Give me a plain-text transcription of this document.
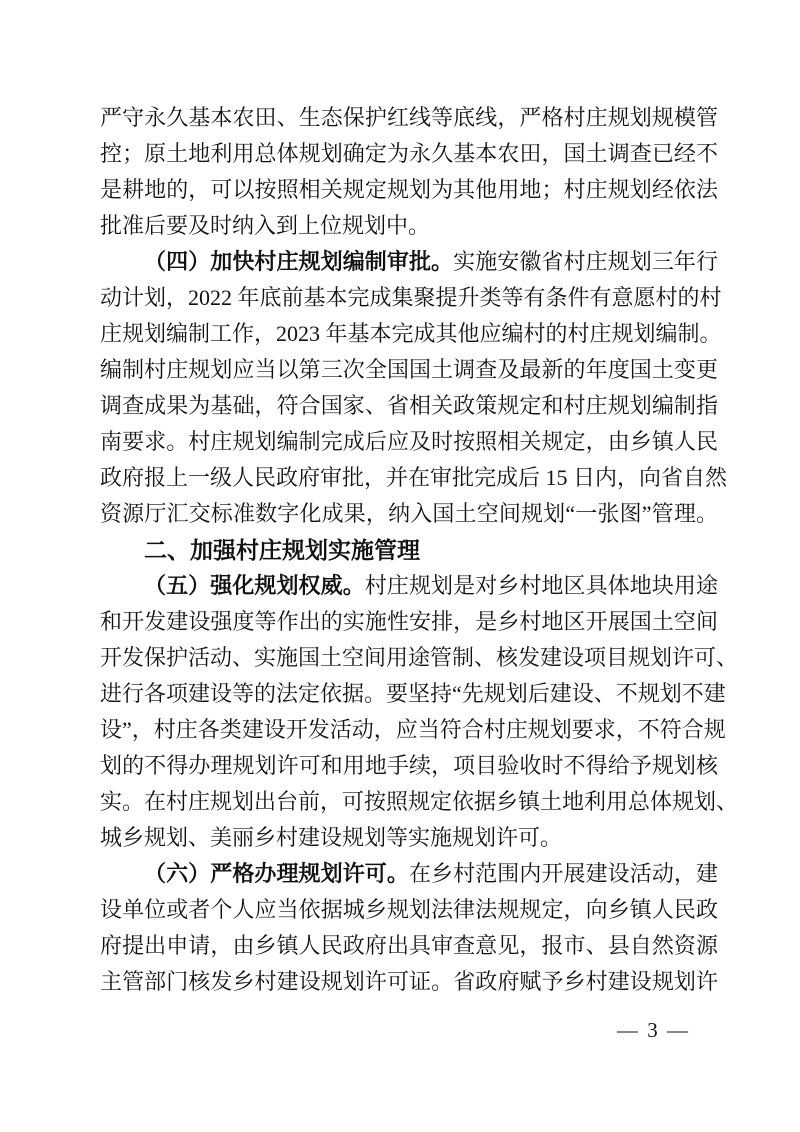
严守永久基本农田、生态保护红线等底线，严格村庄规划规模管
控；原土地利用总体规划确定为永久基本农田，国土调查已经不
是耕地的，可以按照相关规定规划为其他用地；村庄规划经依法
批准后要及时纳入到上位规划中。
（四）加快村庄规划编制审批。实施安徽省村庄规划三年行
动计划，2022 年底前基本完成集聚提升类等有条件有意愿村的村
庄规划编制工作，2023 年基本完成其他应编村的村庄规划编制。
编制村庄规划应当以第三次全国国土调查及最新的年度国土变更
调查成果为基础，符合国家、省相关政策规定和村庄规划编制指
南要求。村庄规划编制完成后应及时按照相关规定，由乡镇人民
政府报上一级人民政府审批，并在审批完成后 15 日内，向省自然
资源厅汇交标准数字化成果，纳入国土空间规划“一张图”管理。
二、加强村庄规划实施管理
（五）强化规划权威。村庄规划是对乡村地区具体地块用途
和开发建设强度等作出的实施性安排，是乡村地区开展国土空间
开发保护活动、实施国土空间用途管制、核发建设项目规划许可、
进行各项建设等的法定依据。要坚持“先规划后建设、不规划不建
设”，村庄各类建设开发活动，应当符合村庄规划要求，不符合规
划的不得办理规划许可和用地手续，项目验收时不得给予规划核
实。在村庄规划出台前，可按照规定依据乡镇土地利用总体规划、
城乡规划、美丽乡村建设规划等实施规划许可。
（六）严格办理规划许可。在乡村范围内开展建设活动，建
设单位或者个人应当依据城乡规划法律法规规定，向乡镇人民政
府提出申请，由乡镇人民政府出具审查意见，报市、县自然资源
主管部门核发乡村建设规划许可证。省政府赋予乡村建设规划许
— 3 —
